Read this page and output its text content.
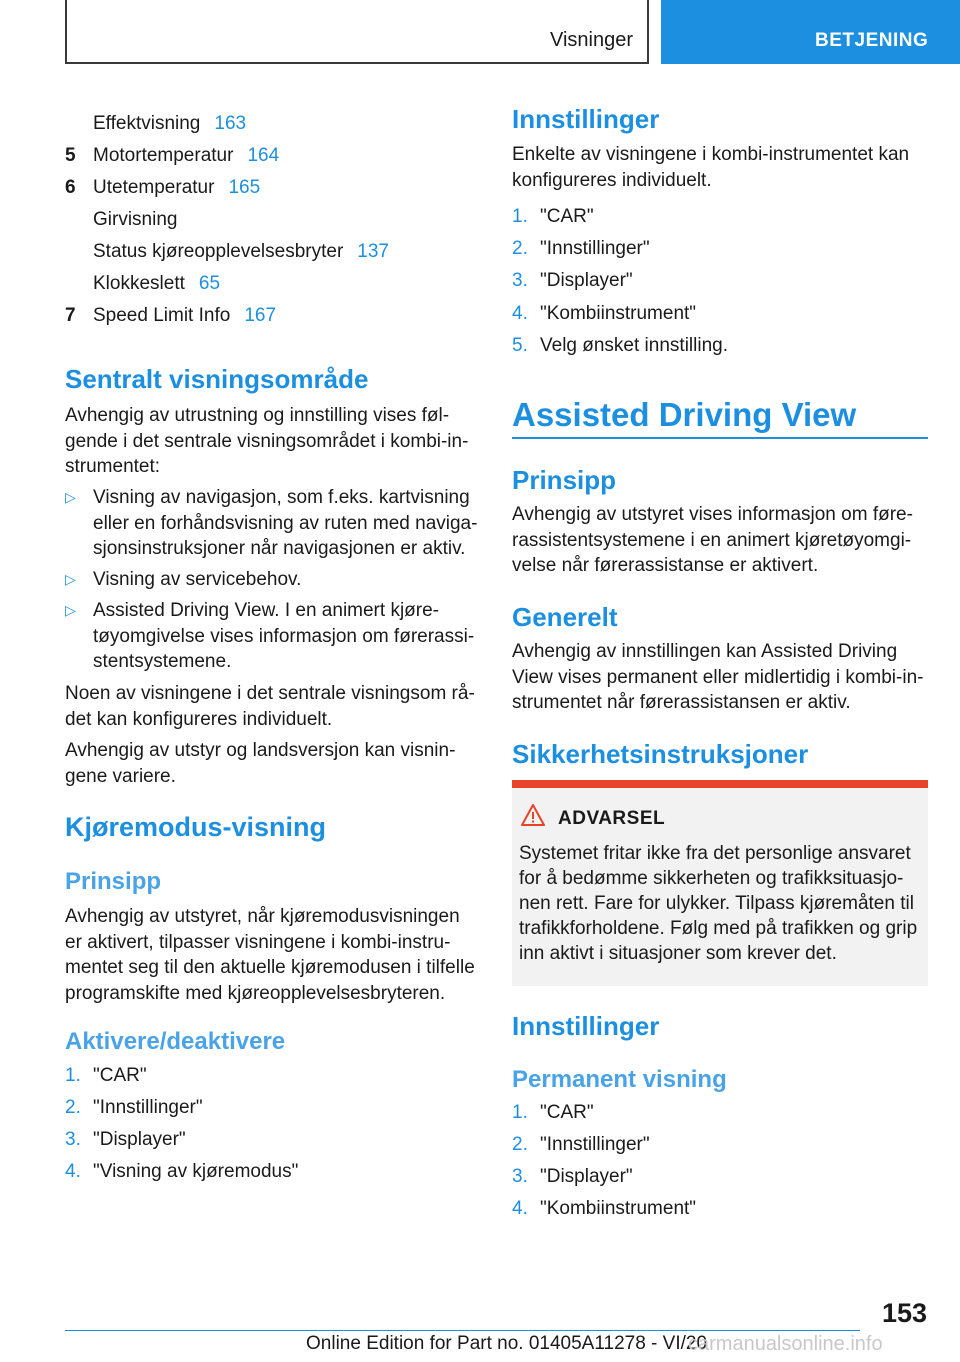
Visninger	BETJENING
Effektvisning 163
5 Motortemperatur 164
6 Utetemperatur 165
Girvisning
Status kjøreopplevelsesbryter 137
Klokkeslett 65
7 Speed Limit Info 167
Sentralt visningsområde
Avhengig av utrustning og innstilling vises føl-
gende i det sentrale visningsområdet i kombi-in-
strumentet:
▷ Visning av navigasjon, som f.eks. kartvisning
eller en forhåndsvisning av ruten med naviga-
sjonsinstruksjoner når navigasjonen er aktiv.
▷ Visning av servicebehov.
▷ Assisted Driving View. I en animert kjøre-
tøyomgivelse vises informasjon om førerassi-
stentsystemene.
Noen av visningene i det sentrale visningsom rå-
det kan konfigureres individuelt.
Avhengig av utstyr og landsversjon kan visnin-
gene variere.
Kjøremodus-visning
Prinsipp
Avhengig av utstyret, når kjøremodusvisningen
er aktivert, tilpasser visningene i kombi-instru-
mentet seg til den aktuelle kjøremodusen i tilfelle
programskifte med kjøreopplevelsesbryteren.
Aktivere/deaktivere
1. "CAR"
2. "Innstillinger"
3. "Displayer"
4. "Visning av kjøremodus"
Innstillinger
Enkelte av visningene i kombi-instrumentet kan
konfigureres individuelt.
1. "CAR"
2. "Innstillinger"
3. "Displayer"
4. "Kombiinstrument"
5. Velg ønsket innstilling.
Assisted Driving View
Prinsipp
Avhengig av utstyret vises informasjon om føre-
rassistentsystemene i en animert kjøretøyomgi-
velse når førerassistanse er aktivert.
Generelt
Avhengig av innstillingen kan Assisted Driving
View vises permanent eller midlertidig i kombi-in-
strumentet når førerassistansen er aktiv.
Sikkerhetsinstruksjoner
ADVARSEL
Systemet fritar ikke fra det personlige ansvaret
for å bedømme sikkerheten og trafikksituasjo-
nen rett. Fare for ulykker. Tilpass kjøremåten til
trafikkforholdene. Følg med på trafikken og grip
inn aktivt i situasjoner som krever det.
Innstillinger
Permanent visning
1. "CAR"
2. "Innstillinger"
3. "Displayer"
4. "Kombiinstrument"
153
Online Edition for Part no. 01405A11278 - VI/20
carmanualsonline.info
